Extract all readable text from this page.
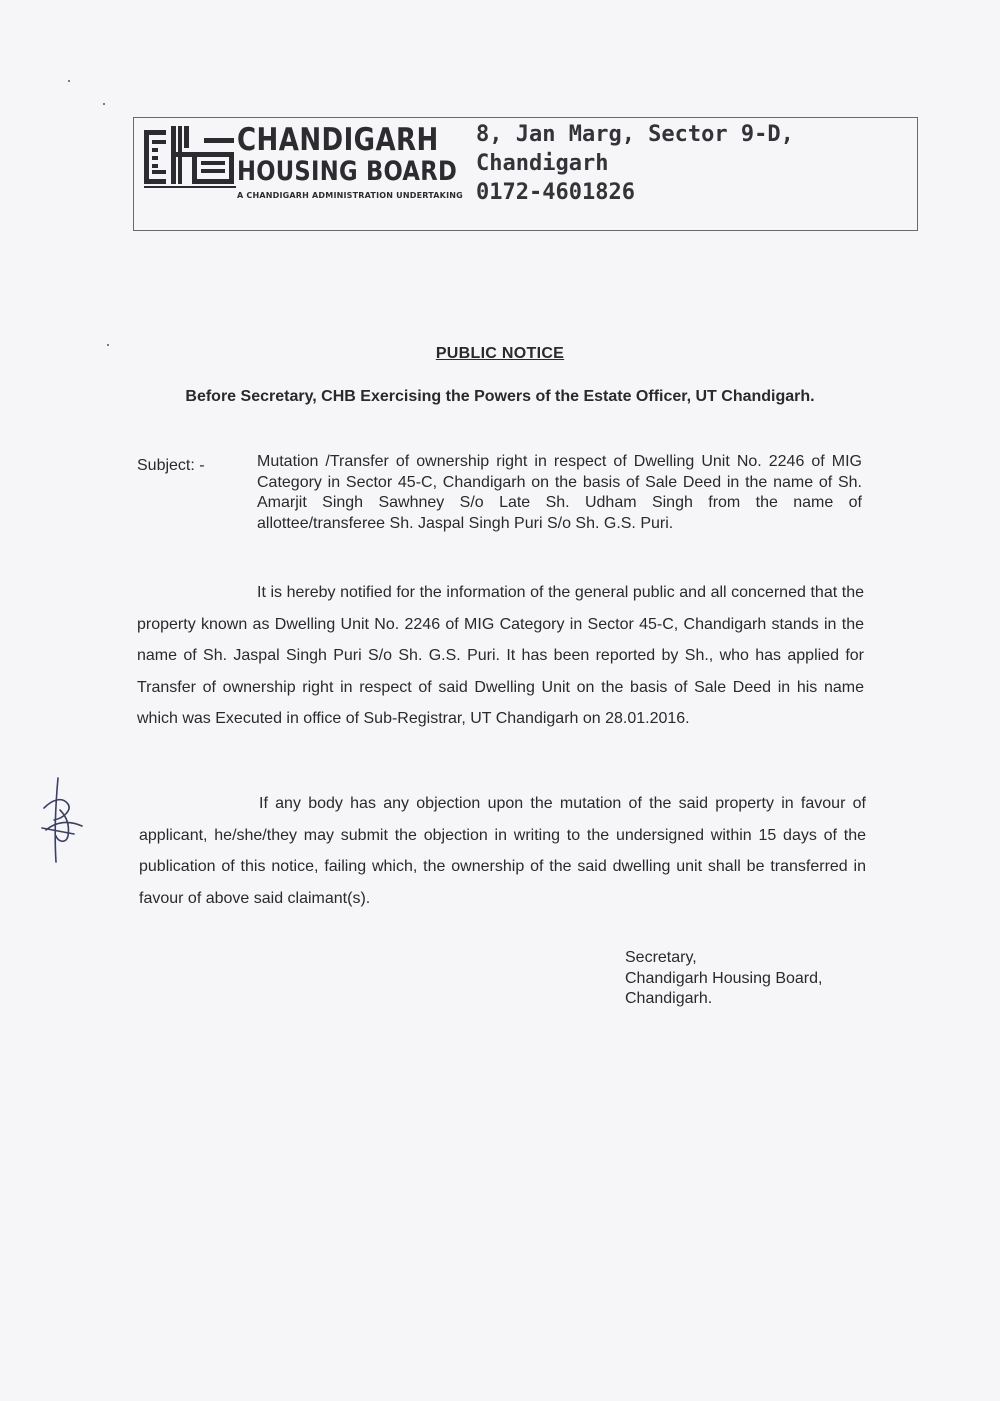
CHANDIGARH
HOUSING BOARD
A CHANDIGARH ADMINISTRATION UNDERTAKING
8, Jan Marg, Sector 9-D,
Chandigarh
0172-4601826
PUBLIC NOTICE
Before Secretary, CHB Exercising the Powers of the Estate Officer, UT Chandigarh.
Subject: -	Mutation /Transfer of ownership right in respect of Dwelling Unit No. 2246 of MIG Category in Sector 45-C, Chandigarh on the basis of Sale Deed in the name of Sh. Amarjit Singh Sawhney S/o Late Sh. Udham Singh from the name of allottee/transferee Sh. Jaspal Singh Puri S/o Sh. G.S. Puri.
It is hereby notified for the information of the general public and all concerned that the property known as Dwelling Unit No. 2246 of MIG Category in Sector 45-C, Chandigarh stands in the name of Sh. Jaspal Singh Puri S/o Sh. G.S. Puri. It has been reported by Sh., who has applied for Transfer of ownership right in respect of said Dwelling Unit on the basis of Sale Deed in his name which was Executed in office of Sub-Registrar, UT Chandigarh on 28.01.2016.
If any body has any objection upon the mutation of the said property in favour of applicant, he/she/they may submit the objection in writing to the undersigned within 15 days of the publication of this notice, failing which, the ownership of the said dwelling unit shall be transferred in favour of above said claimant(s).
Secretary,
Chandigarh Housing Board,
Chandigarh.
